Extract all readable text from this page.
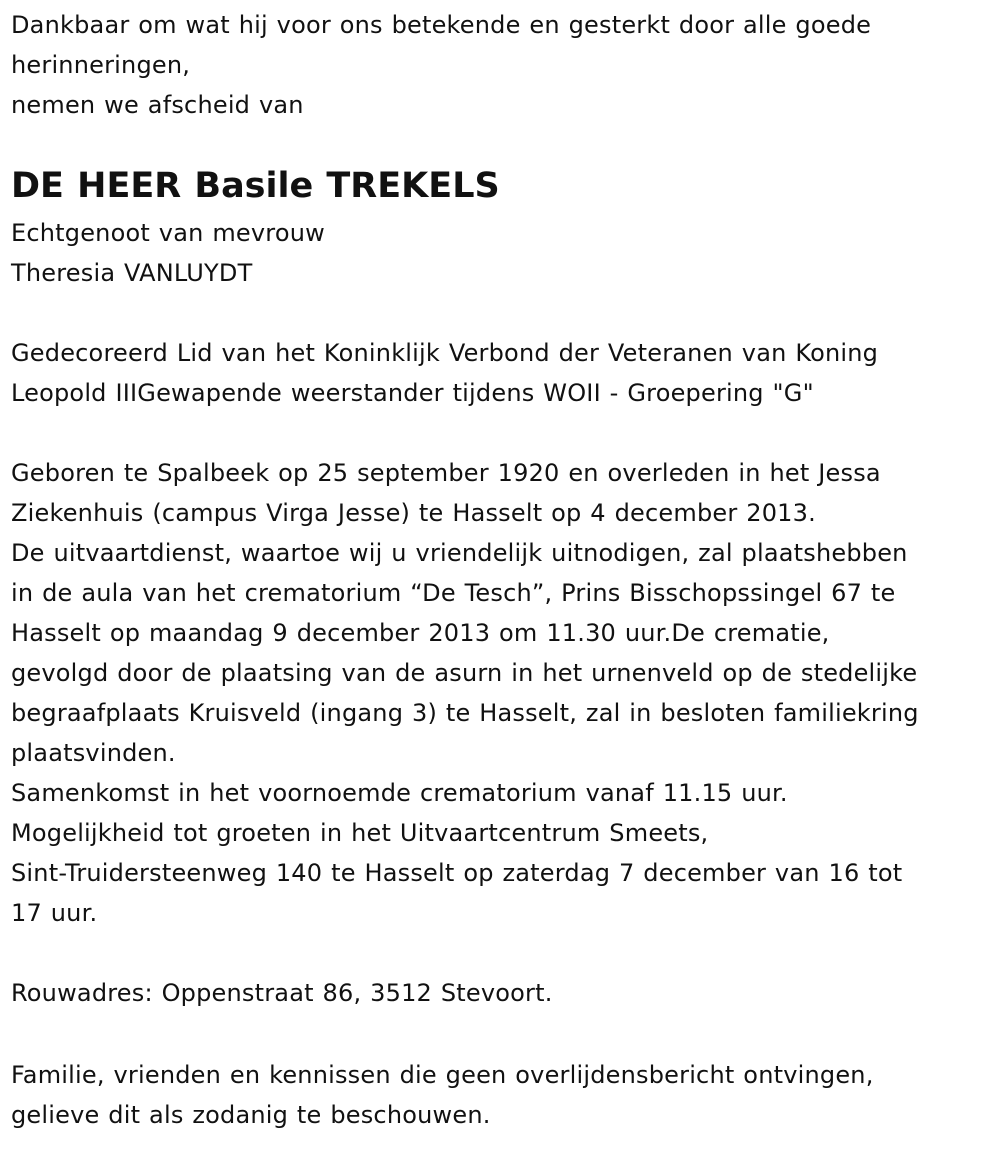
Dankbaar om wat hij voor ons betekende en gesterkt door alle goede
herinneringen,
nemen we afscheid van
DE HEER Basile TREKELS
Echtgenoot van mevrouw
Theresia VANLUYDT
Gedecoreerd Lid van het Koninklijk Verbond der Veteranen van Koning
Leopold IIIGewapende weerstander tijdens WOII - Groepering "G"
Geboren te Spalbeek op 25 september 1920 en overleden in het Jessa
Ziekenhuis (campus Virga Jesse) te Hasselt op 4 december 2013.
De uitvaartdienst, waartoe wij u vriendelijk uitnodigen, zal plaatshebben
in de aula van het crematorium “De Tesch”, Prins Bisschopssingel 67 te
Hasselt op maandag 9 december 2013 om 11.30 uur.De crematie,
gevolgd door de plaatsing van de asurn in het urnenveld op de stedelijke
begraafplaats Kruisveld (ingang 3) te Hasselt, zal in besloten familiekring
plaatsvinden.
Samenkomst in het voornoemde crematorium vanaf 11.15 uur.
Mogelijkheid tot groeten in het Uitvaartcentrum Smeets,
Sint-Truidersteenweg 140 te Hasselt op zaterdag 7 december van 16 tot
17 uur.
Rouwadres: Oppenstraat 86, 3512 Stevoort.
Familie, vrienden en kennissen die geen overlijdensbericht ontvingen,
gelieve dit als zodanig te beschouwen.
